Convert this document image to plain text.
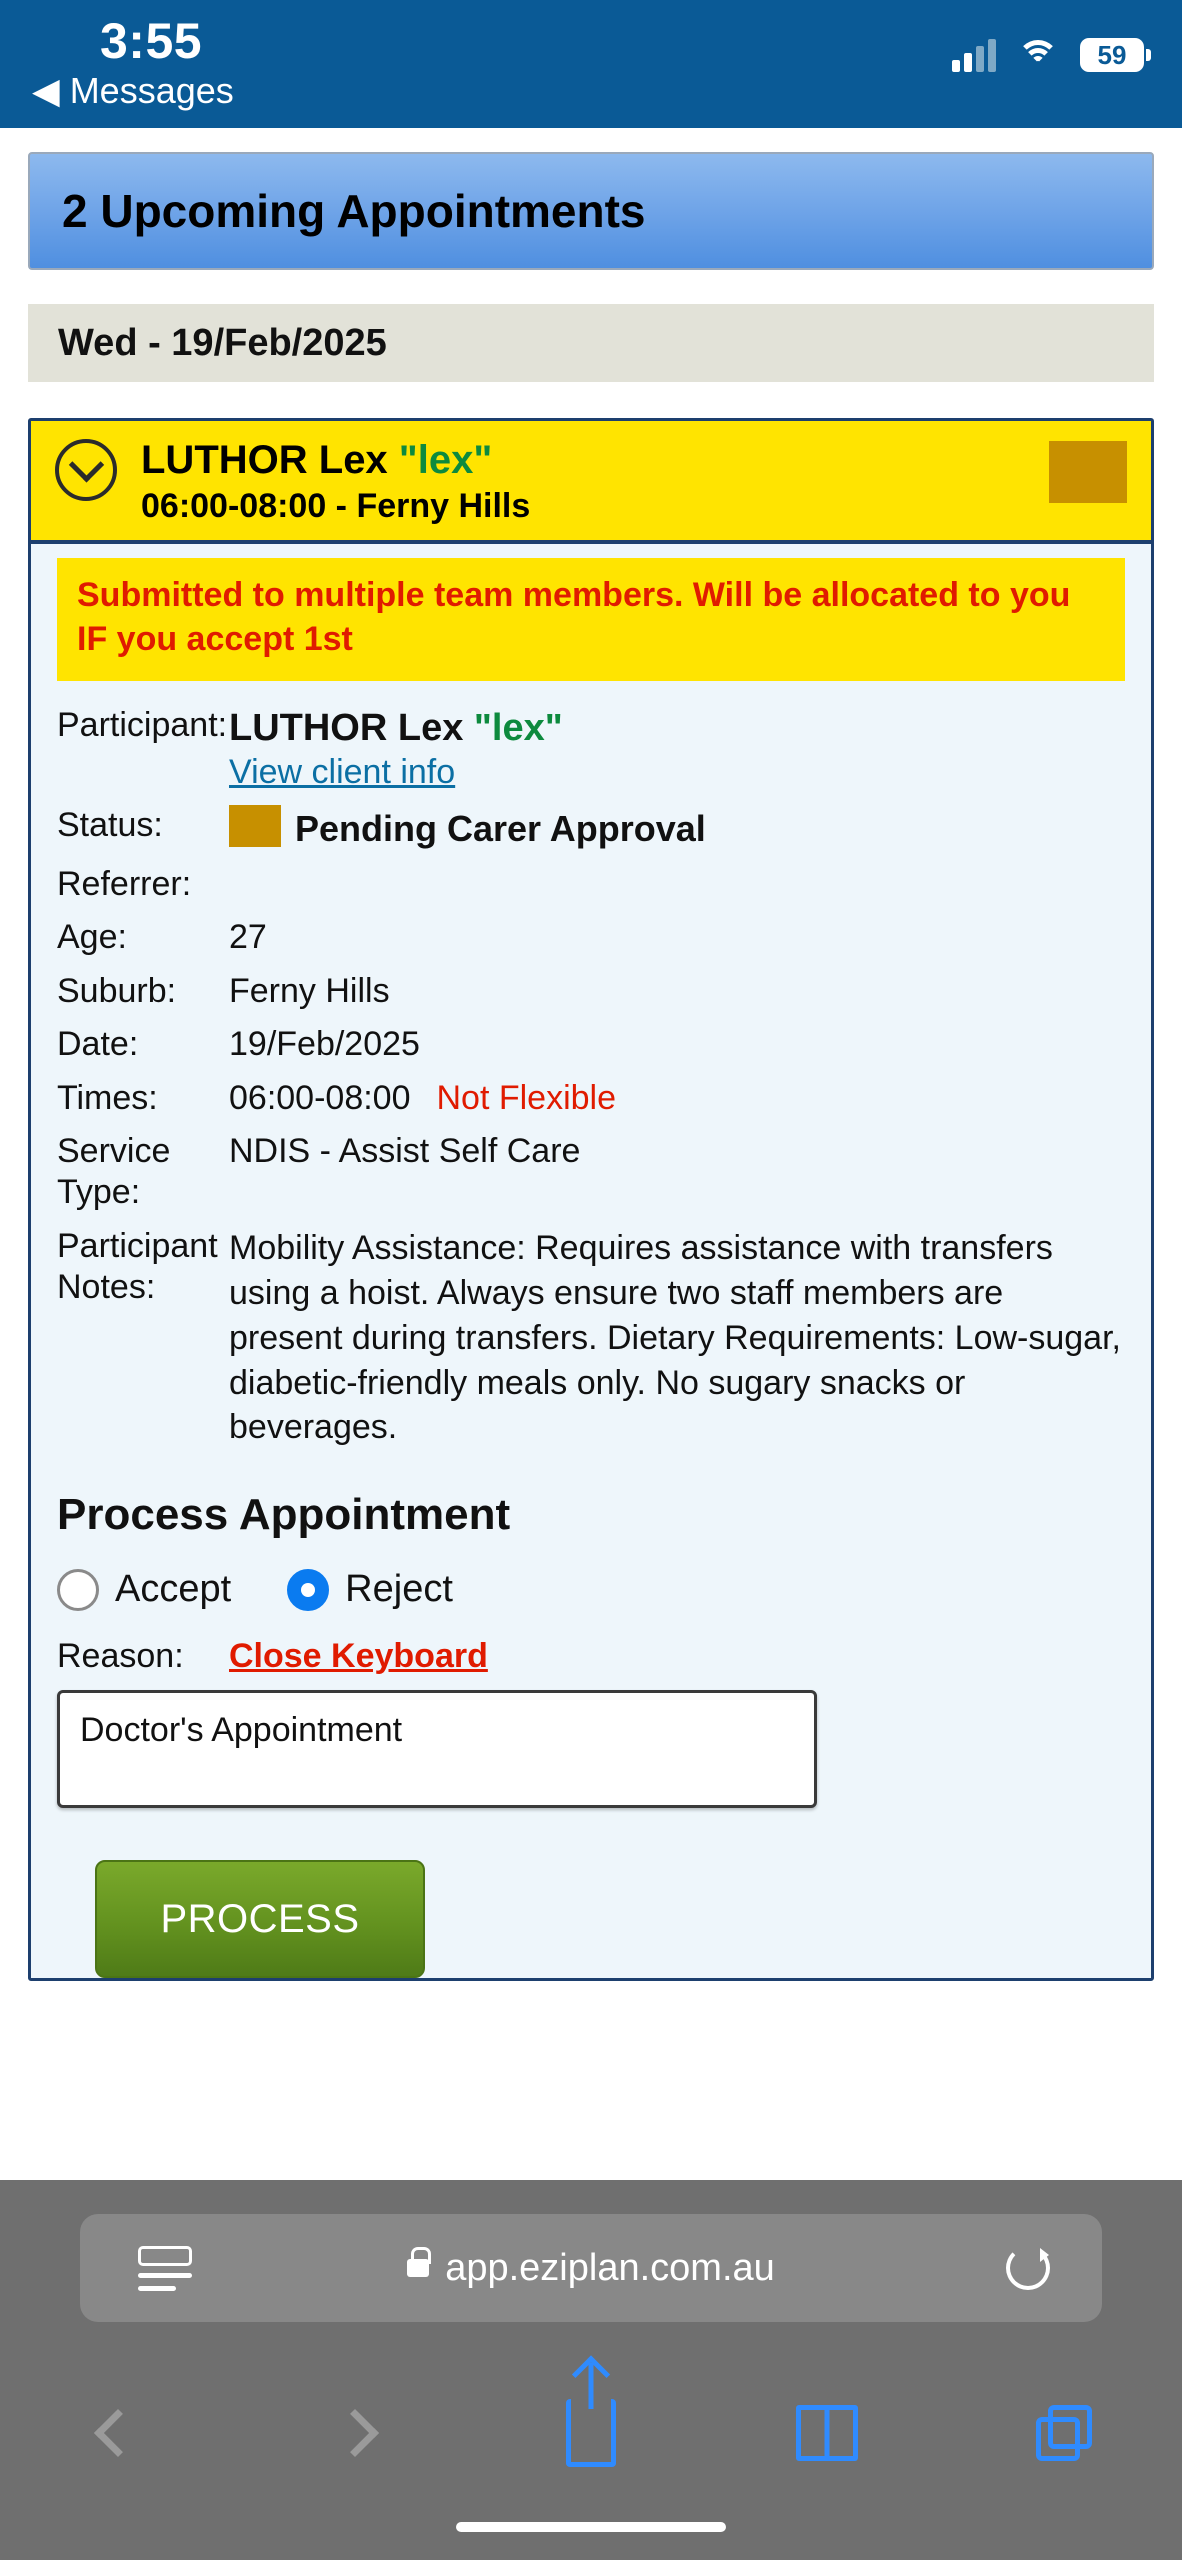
3:55
◀ Messages
59
2 Upcoming Appointments
Wed - 19/Feb/2025
LUTHOR Lex "lex"
06:00-08:00 - Ferny Hills
Submitted to multiple team members. Will be allocated to you IF you accept 1st
Participant: LUTHOR Lex "lex"
View client info
Status:	Pending Carer Approval
Referrer:
Age:	27
Suburb:	Ferny Hills
Date:	19/Feb/2025
Times:	06:00-08:00 Not Flexible
Service Type:
NDIS - Assist Self Care
Participant Notes:
Mobility Assistance: Requires assistance with transfers using a hoist. Always ensure two staff members are present during transfers. Dietary Requirements: Low-sugar, diabetic-friendly meals only. No sugary snacks or beverages.
Process Appointment
Accept	Reject
Reason:	Close Keyboard
Doctor's Appointment
PROCESS
app.eziplan.com.au
